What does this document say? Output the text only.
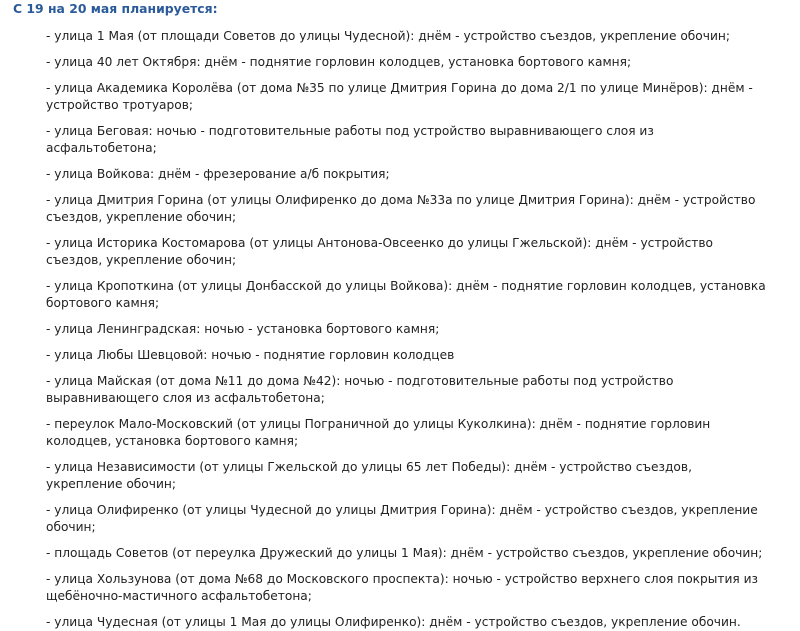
С 19 на 20 мая планируется:
- улица 1 Мая (от площади Советов до улицы Чудесной): днём - устройство съездов, укрепление обочин;
- улица 40 лет Октября: днём - поднятие горловин колодцев, установка бортового камня;
- улица Академика Королёва (от дома №35 по улице Дмитрия Горина до дома 2/1 по улице Минёров): днём - устройство тротуаров;
- улица Беговая: ночью - подготовительные работы под устройство выравнивающего слоя из асфальтобетона;
- улица Войкова: днём - фрезерование а/б покрытия;
- улица Дмитрия Горина (от улицы Олифиренко до дома №33а по улице Дмитрия Горина): днём - устройство съездов, укрепление обочин;
- улица Историка Костомарова (от улицы Антонова-Овсеенко до улицы Гжельской): днём - устройство съездов, укрепление обочин;
- улица Кропоткина (от улицы Донбасской до улицы Войкова): днём - поднятие горловин колодцев, установка бортового камня;
- улица Ленинградская: ночью - установка бортового камня;
- улица Любы Шевцовой: ночью - поднятие горловин колодцев
- улица Майская (от дома №11 до дома №42): ночью - подготовительные работы под устройство выравнивающего слоя из асфальтобетона;
- переулок Мало-Московский (от улицы Пограничной до улицы Куколкина): днём - поднятие горловин колодцев, установка бортового камня;
- улица Независимости (от улицы Гжельской до улицы 65 лет Победы): днём - устройство съездов, укрепление обочин;
- улица Олифиренко (от улицы Чудесной до улицы Дмитрия Горина): днём - устройство съездов, укрепление обочин;
- площадь Советов (от переулка Дружеский до улицы 1 Мая): днём - устройство съездов, укрепление обочин;
- улица Хользунова (от дома №68 до Московского проспекта): ночью - устройство верхнего слоя покрытия из щебёночно-мастичного асфальтобетона;
- улица Чудесная (от улицы 1 Мая до улицы Олифиренко): днём - устройство съездов, укрепление обочин.
